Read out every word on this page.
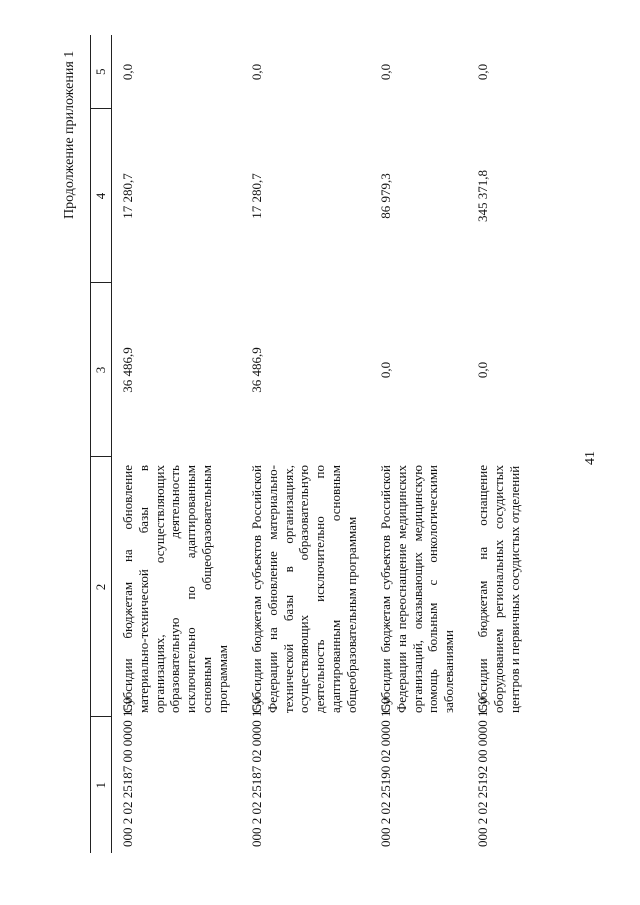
41
Продолжение приложения 1
1	2	3	4	5
000 2 02 25187 00 0000 150	Субсидии бюджетам на обновление материально-технической базы в организациях, осуществляющих образовательную деятельность исключительно по адаптированным основным общеобразовательным программам	36 486,9	17 280,7	0,0
000 2 02 25187 02 0000 150	Субсидии бюджетам субъектов Российской Федерации на обновление материально-технической базы в организациях, осуществляющих образовательную деятельность исключительно по адаптированным основным общеобразовательным программам	36 486,9	17 280,7	0,0
000 2 02 25190 02 0000 150	Субсидии бюджетам субъектов Российской Федерации на переоснащение медицинских организаций, оказывающих медицинскую помощь больным с онкологическими заболеваниями	0,0	86 979,3	0,0
000 2 02 25192 00 0000 150	Субсидии бюджетам на оснащение оборудованием региональных сосудистых центров и первичных сосудистых отделений	0,0	345 371,8	0,0
